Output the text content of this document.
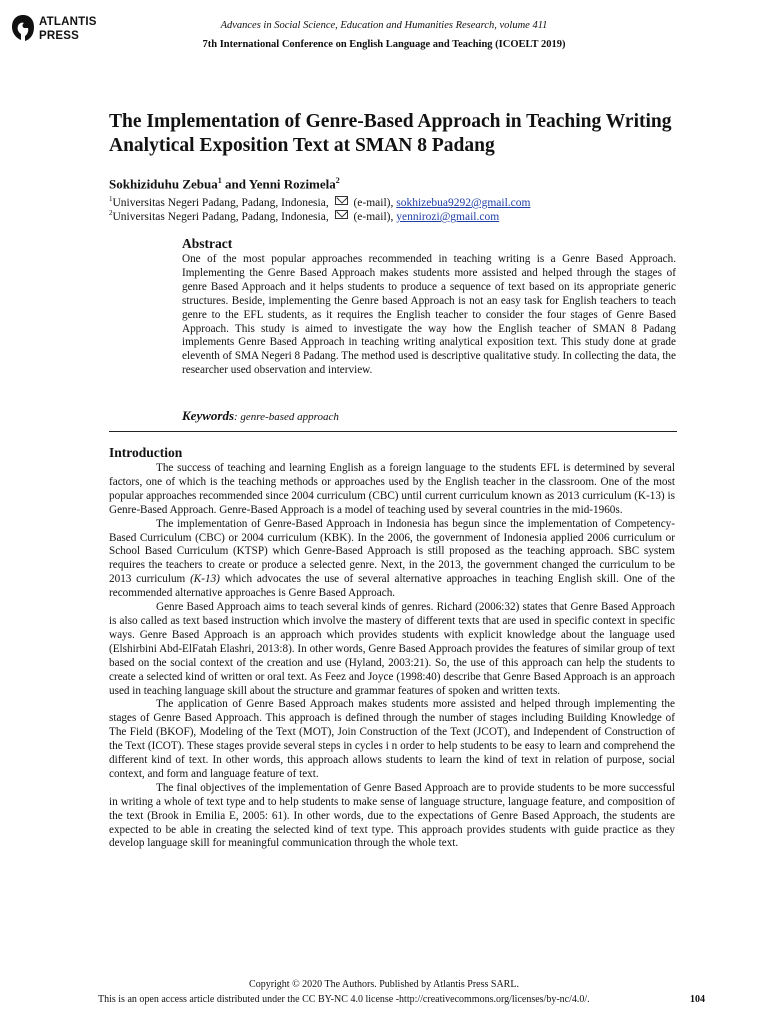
ATLANTIS
PRESS
Advances in Social Science, Education and Humanities Research, volume 411
7th International Conference on English Language and Teaching (ICOELT 2019)
The Implementation of Genre-Based Approach in Teaching Writing Analytical Exposition Text at SMAN 8 Padang
Sokhiziduhu Zebua$^1$ and Yenni Rozimela$^2$
$^1$Universitas Negeri Padang, Padang, Indonesia,  (e-mail), sokhizebua9292@gmail.com
$^2$Universitas Negeri Padang, Padang, Indonesia,  (e-mail), yennirozi@gmail.com
Abstract
One of the most popular approaches recommended in teaching writing is a Genre Based Approach. Implementing the Genre Based Approach makes students more assisted and helped through the stages of genre Based Approach and it helps students to produce a sequence of text based on its appropriate generic structures. Beside, implementing the Genre based Approach is not an easy task for English teachers to teach genre to the EFL students, as it requires the English teacher to consider the four stages of Genre Based Approach. This study is aimed to investigate the way how the English teacher of SMAN 8 Padang implements Genre Based Approach in teaching writing analytical exposition text. This study done at grade eleventh of SMA Negeri 8 Padang. The method used is descriptive qualitative study. In collecting the data, the researcher used observation and interview.
Keywords: genre-based approach
Introduction

The success of teaching and learning English as a foreign language to the students EFL is determined by several factors, one of which is the teaching methods or approaches used by the English teacher in the classroom. One of the most popular approaches recommended since 2004 curriculum (CBC) until current curriculum known as 2013 curriculum (K-13) is Genre-Based Approach. Genre-Based Approach is a model of teaching used by several countries in the mid-1960s.

The implementation of Genre-Based Approach in Indonesia has begun since the implementation of Competency-Based Curriculum (CBC) or 2004 curriculum (KBK). In the 2006, the government of Indonesia applied 2006 curriculum or School Based Curriculum (KTSP) which Genre-Based Approach is still proposed as the teaching approach. SBC system requires the teachers to create or produce a selected genre. Next, in the 2013, the government changed the curriculum to be 2013 curriculum (K-13) which advocates the use of several alternative approaches in teaching English skill. One of the recommended alternative approaches is Genre Based Approach.

Genre Based Approach aims to teach several kinds of genres. Richard (2006:32) states that Genre Based Approach is also called as text based instruction which involve the mastery of different texts that are used in specific context in specific ways. Genre Based Approach is an approach which provides students with explicit knowledge about the language used (Elshirbini Abd-ElFatah Elashri, 2013:8). In other words, Genre Based Approach provides the features of similar group of text based on the social context of the creation and use (Hyland, 2003:21). So, the use of this approach can help the students to create a selected kind of written or oral text. As Feez and Joyce (1998:40) describe that Genre Based Approach is an approach used in teaching language skill about the structure and grammar features of spoken and written texts.

The application of Genre Based Approach makes students more assisted and helped through implementing the stages of Genre Based Approach. This approach is defined through the number of stages including Building Knowledge of The Field (BKOF), Modeling of the Text (MOT), Join Construction of the Text (JCOT), and Independent of Construction of the Text (ICOT). These stages provide several steps in cycles i n order to help students to be easy to learn and comprehend the different kind of text. In other words, this approach allows students to learn the kind of text in relation of purpose, social context, and form and language feature of text.

The final objectives of the implementation of Genre Based Approach are to provide students to be more successful in writing a whole of text type and to help students to make sense of language structure, language feature, and composition of the text (Brook in Emilia E, 2005: 61). In other words, due to the expectations of Genre Based Approach, the students are expected to be able in creating the selected kind of text type. This approach provides students with guide practice as they develop language skill for meaningful communication through the whole text.

Copyright © 2020 The Authors. Published by Atlantis Press SARL.
This is an open access article distributed under the CC BY-NC 4.0 license -http://creativecommons.org/licenses/by-nc/4.0/.	104
